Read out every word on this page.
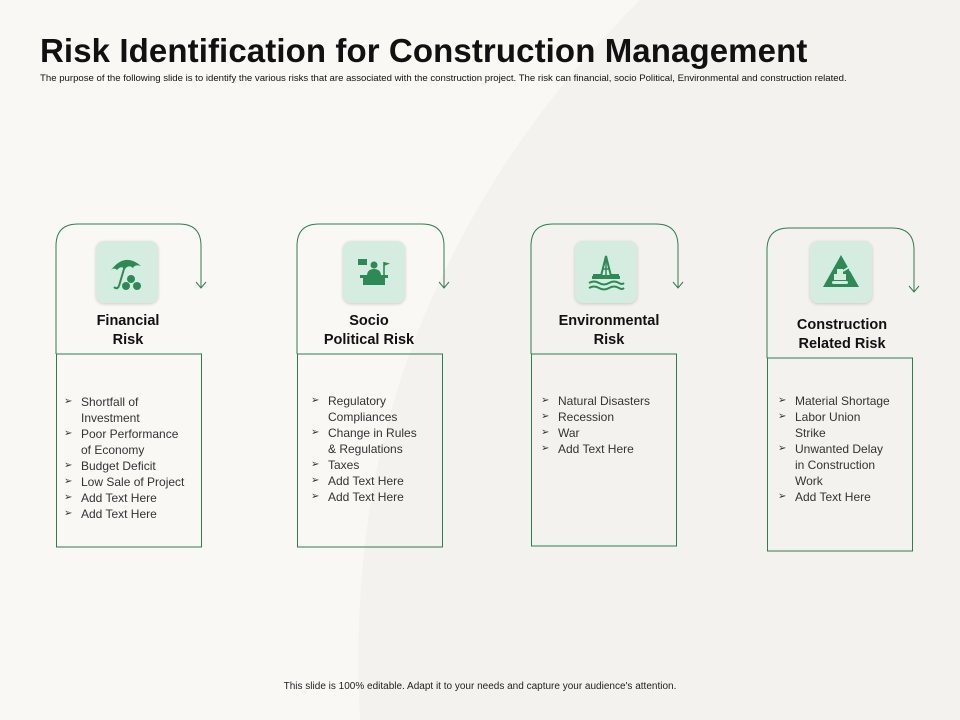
Risk Identification for Construction Management
The purpose of the following slide is to identify the various risks that are associated with the construction project. The risk can financial, socio Political, Environmental and construction related.
Financial
Risk
➢ Shortfall of
Investment
➢ Poor Performance
of Economy
➢ Budget Deficit
➢ Low Sale of Project
➢ Add Text Here
➢ Add Text Here
Socio
Political Risk
➢ Regulatory
Compliances
➢ Change in Rules
& Regulations
➢ Taxes
➢ Add Text Here
➢ Add Text Here
Environmental
Risk
➢ Natural Disasters
➢ Recession
➢ War
➢ Add Text Here
Construction
Related Risk
➢ Material Shortage
➢ Labor Union
Strike
➢ Unwanted Delay
in Construction
Work
➢ Add Text Here
This slide is 100% editable. Adapt it to your needs and capture your audience's attention.
